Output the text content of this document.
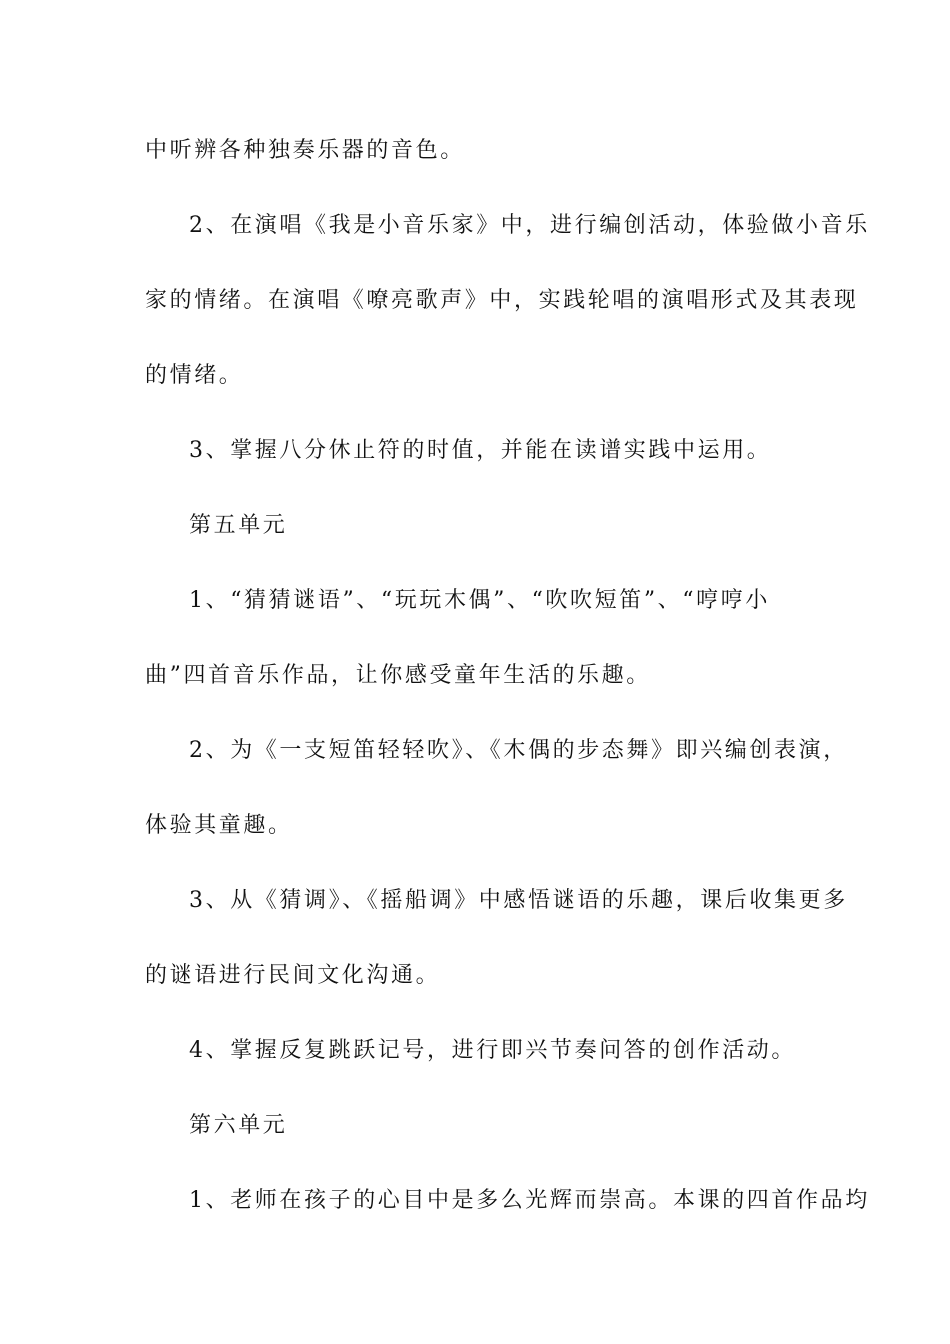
中听辨各种独奏乐器的音色。
2、在演唱《我是小音乐家》中，进行编创活动，体验做小音乐
家的情绪。在演唱《嘹亮歌声》中，实践轮唱的演唱形式及其表现
的情绪。
3、掌握八分休止符的时值，并能在读谱实践中运用。
第五单元
1、“猜猜谜语”、“玩玩木偶”、“吹吹短笛”、“哼哼小
曲”四首音乐作品，让你感受童年生活的乐趣。
2、为《一支短笛轻轻吹》、《木偶的步态舞》即兴编创表演，
体验其童趣。
3、从《猜调》、《摇船调》中感悟谜语的乐趣，课后收集更多
的谜语进行民间文化沟通。
4、掌握反复跳跃记号，进行即兴节奏问答的创作活动。
第六单元
1、老师在孩子的心目中是多么光辉而崇高。本课的四首作品均
